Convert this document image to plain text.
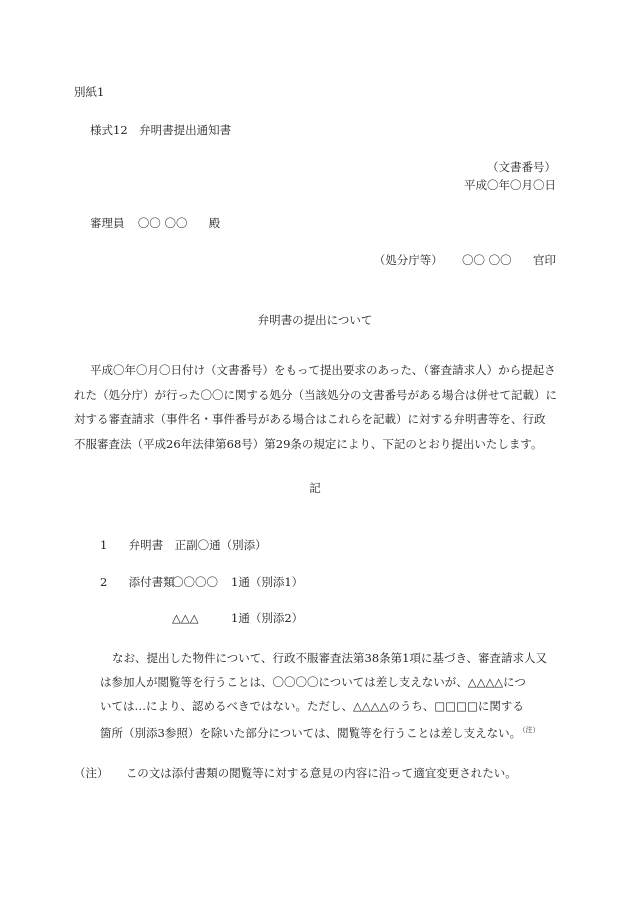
別紙1
様式12　弁明書提出通知書
（文書番号）
平成〇年〇月〇日
審理員 〇〇 〇〇 殿
（処分庁等） 〇〇 〇〇 官印
弁明書の提出について
平成〇年〇月〇日付け（文書番号）をもって提出要求のあった、（審査請求人）から提起さ
れた（処分庁）が行った〇〇に関する処分（当該処分の文書番号がある場合は併せて記載）に
対する審査請求（事件名・事件番号がある場合はこれらを記載）に対する弁明書等を、行政
不服審査法（平成26年法律第68号）第29条の規定により、下記のとおり提出いたします。
記
1 弁明書　正副〇通（別添）
2 添付書類
〇〇〇〇 1通（別添1）
△△△	1通（別添2）
なお、提出した物件について、行政不服審査法第38条第1項に基づき、審査請求人又
は参加人が閲覧等を行うことは、〇〇〇〇については差し支えないが、△△△△につ
いては…により、認めるべきではない。ただし、△△△△のうち、□□□□に関する
箇所（別添3参照）を除いた部分については、閲覧等を行うことは差し支えない。$^{(注)}$
（注） この文は添付書類の閲覧等に対する意見の内容に沿って適宜変更されたい。
